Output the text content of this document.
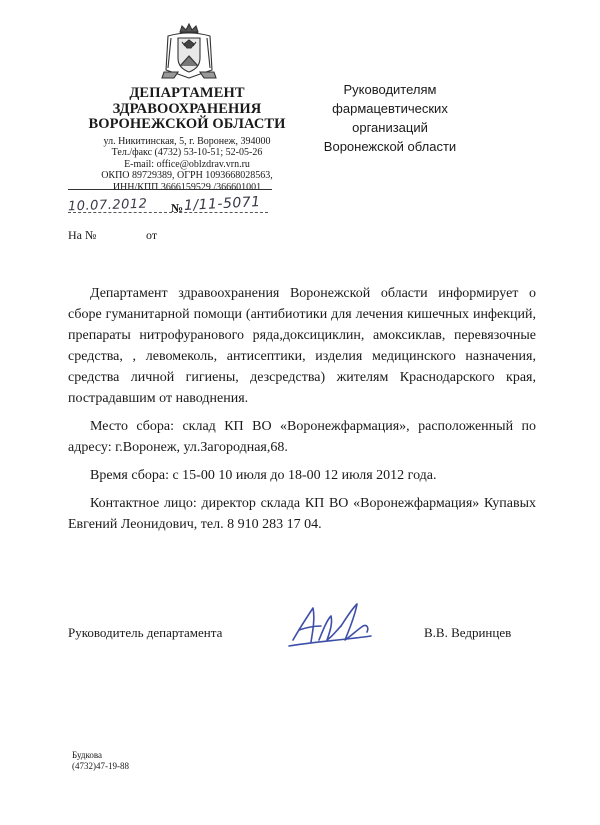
ДЕПАРТАМЕНТ
ЗДРАВООХРАНЕНИЯ
ВОРОНЕЖСКОЙ ОБЛАСТИ
ул. Никитинская, 5, г. Воронеж, 394000
Тел./факс (4732) 53-10-51; 52-05-26
E-mail: office@oblzdrav.vrn.ru
ОКПО 89729389, ОГРН 1093668028563,
ИНН/КПП 3666159529 /366601001
10.07.2012 № 1/11-5071
На №	от
Руководителям фармацевтических
организаций
Воронежской области

Департамент здравоохранения Воронежской области информирует о сборе гуманитарной помощи (антибиотики для лечения кишечных инфекций, препараты нитрофуранового ряда,доксициклин, амоксиклав, перевязочные средства, , левомеколь, антисептики, изделия медицинского назначения, средства личной гигиены, дезсредства) жителям Краснодарского края, пострадавшим от наводнения.

Место сбора: склад КП ВО «Воронежфармация», расположенный по адресу: г.Воронеж, ул.Загородная,68.

Время сбора: с 15-00 10 июля до 18-00 12 июля 2012 года.

Контактное лицо: директор склада КП ВО «Воронежфармация» Купавых Евгений Леонидович, тел. 8 910 283 17 04.

Руководитель департамента	В.В. Ведринцев
Будкова
(4732)47-19-88
